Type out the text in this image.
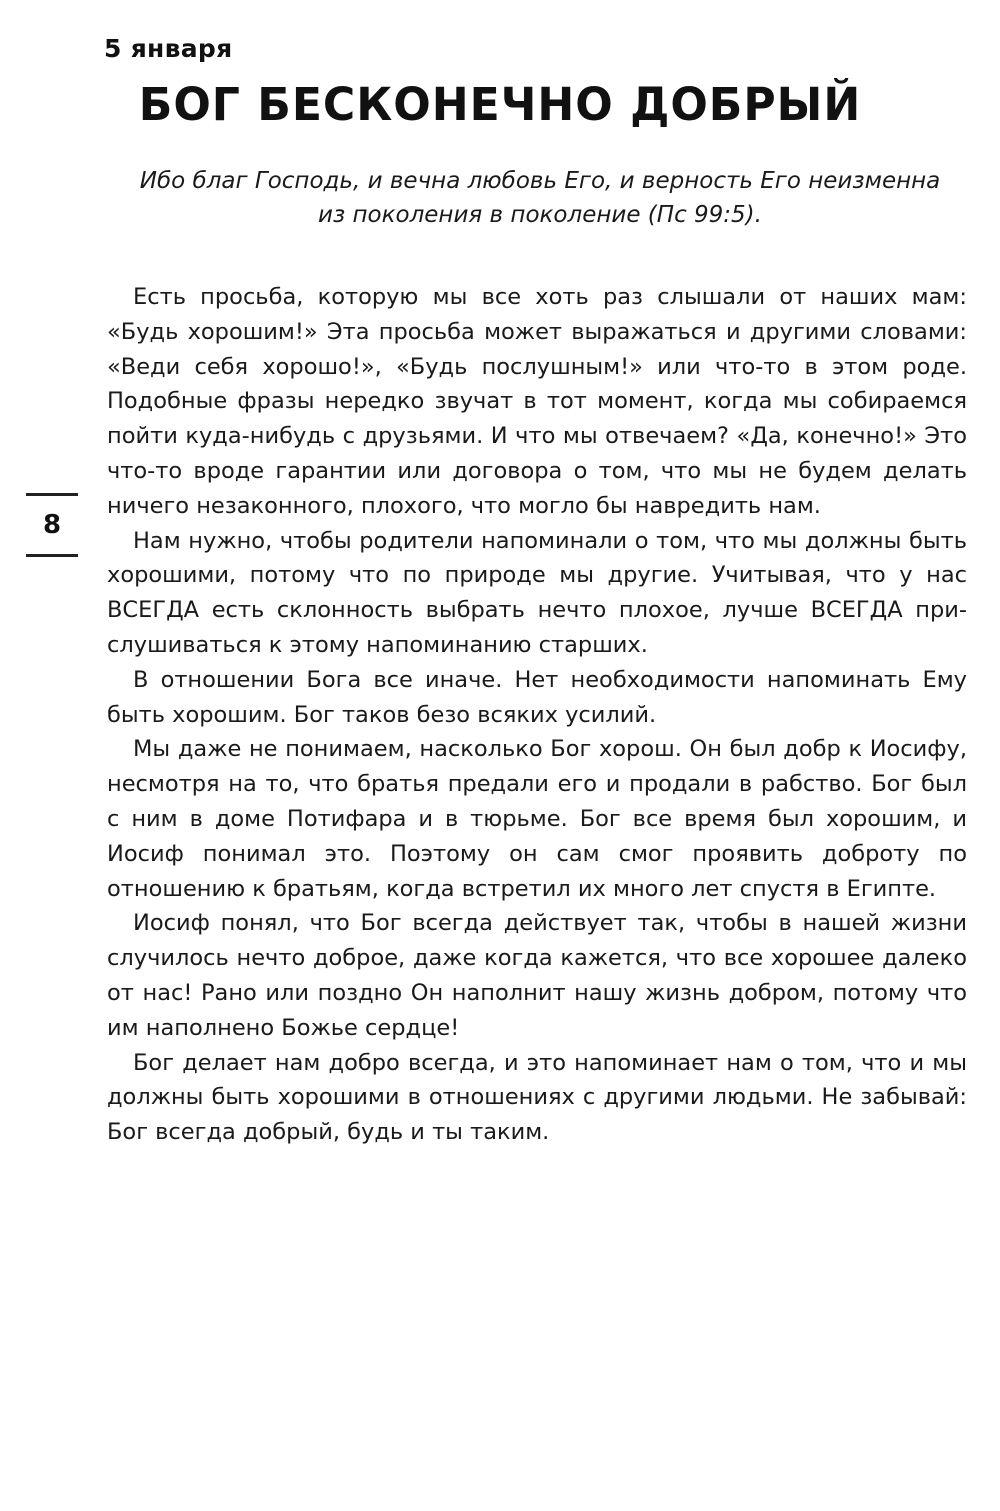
5 января
БОГ БЕСКОНЕЧНО ДОБРЫЙ
Ибо благ Господь, и вечна любовь Его, и верность Его неизменна
из поколения в поколение (Пс 99:5).
8

Есть просьба, которую мы все хоть раз слышали от наших мам: «Будь хорошим!» Эта просьба может выражаться и другими словами: «Веди себя хорошо!», «Будь послушным!» или что-то в этом роде. Подобные фразы нередко звучат в тот момент, когда мы собираемся пойти куда-нибудь с друзьями. И что мы отвечаем? «Да, конечно!» Это что-то вроде гарантии или договора о том, что мы не будем делать ничего незаконного, плохого, что могло бы навредить нам.

Нам нужно, чтобы родители напоминали о том, что мы должны быть хорошими, потому что по природе мы другие. Учитывая, что у нас ВСЕГДА есть склонность выбрать нечто плохое, лучше ВСЕГДА прислушиваться к этому напоминанию старших.

В отношении Бога все иначе. Нет необходимости напоминать Ему быть хорошим. Бог таков безо всяких усилий.

Мы даже не понимаем, насколько Бог хорош. Он был добр к Иосифу, несмотря на то, что братья предали его и продали в рабство. Бог был с ним в доме Потифара и в тюрьме. Бог все время был хорошим, и Иосиф понимал это. Поэтому он сам смог проявить доброту по отношению к братьям, когда встретил их много лет спустя в Египте.

Иосиф понял, что Бог всегда действует так, чтобы в нашей жизни случилось нечто доброе, даже когда кажется, что все хорошее далеко от нас! Рано или поздно Он наполнит нашу жизнь добром, потому что им наполнено Божье сердце!

Бог делает нам добро всегда, и это напоминает нам о том, что и мы должны быть хорошими в отношениях с другими людьми. Не забывай: Бог всегда добрый, будь и ты таким.
